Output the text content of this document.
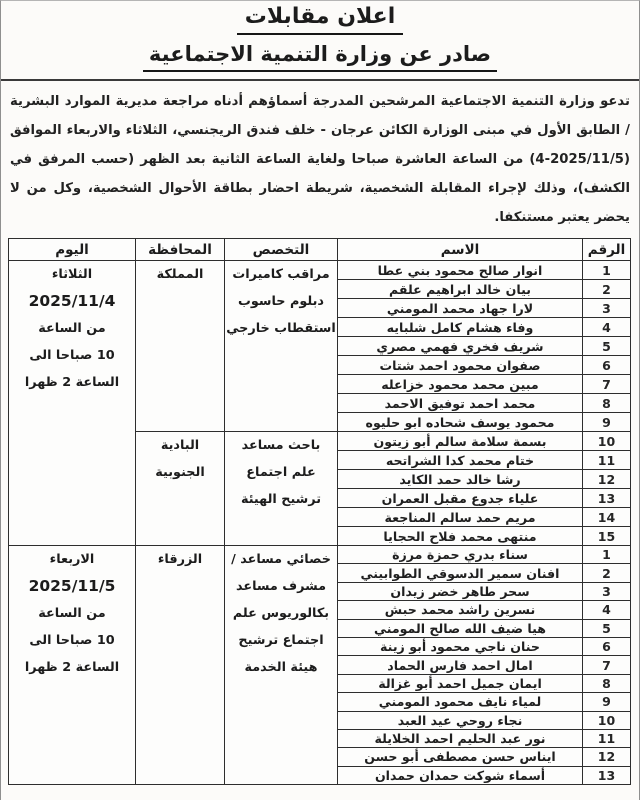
اعلان مقابلات
صادر عن وزارة التنمية الاجتماعية
تدعو وزارة التنمية الاجتماعية المرشحين المدرجة أسماؤهم أدناه مراجعة مديرية الموارد البشرية / الطابق الأول في مبنى الوزارة الكائن عرجان - خلف فندق الريجنسي، الثلاثاء والاربعاء الموافق (2025/11/5-4) من الساعة العاشرة صباحا ولغاية الساعة الثانية بعد الظهر (حسب المرفق في الكشف)، وذلك لإجراء المقابلة الشخصية، شريطة احضار بطاقة الأحوال الشخصية، وكل من لا يحضر يعتبر مستنكفا.
الرقم	الاسم	التخصص	المحافظة	اليوم
1	انوار صالح محمود بني عطا	
مراقب كاميرات
دبلوم حاسوب
استقطاب خارجي

المملكة

الثلاثاء
2025/11/4
من الساعة
10 صباحا الى
الساعة 2 ظهرا

2	بيان خالد ابراهيم علقم			
3	لارا جهاد محمد المومني			
4	وفاء هشام كامل شلبايه			
5	شريف فخري فهمي مصري			
6	صفوان محمود احمد شتات			
7	مبين محمد محمود خزاعله			
8	محمد احمد توفيق الاحمد			
9	محمود يوسف شحاده ابو حليوه			
10	بسمة سلامة سالم أبو زيتون	
باحث مساعد
علم اجتماع
ترشيح الهيئة

البادية
الجنوبية

11	ختام محمد كدا الشراتحه			
12	رشا خالد حمد الكايد			
13	علياء جدوع مقبل العمران			
14	مريم حمد سالم المناجعة			
15	منتهى محمد فلاح الحجايا			
1	سناء بدري حمزة مرزة	
خصائي مساعد /
مشرف مساعد
بكالوريوس علم
اجتماع ترشيح
هيئة الخدمة

الزرقاء

الاربعاء
2025/11/5
من الساعة
10 صباحا الى
الساعة 2 ظهرا

2	افنان سمير الدسوقي الطوابيني			
3	سحر طاهر خضر زيدان			
4	نسرين راشد محمد حبش			
5	هيا ضيف الله صالح المومني			
6	حنان ناجي محمود أبو زينة			
7	امال احمد فارس الحماد			
8	ايمان جميل احمد أبو غزالة			
9	لمياء نايف محمود المومني			
10	نجاء روحي عيد العبد			
11	نور عبد الحليم احمد الخلايلة			
12	ايناس حسن مصطفى أبو حسن			
13	أسماء شوكت حمدان حمدان			
